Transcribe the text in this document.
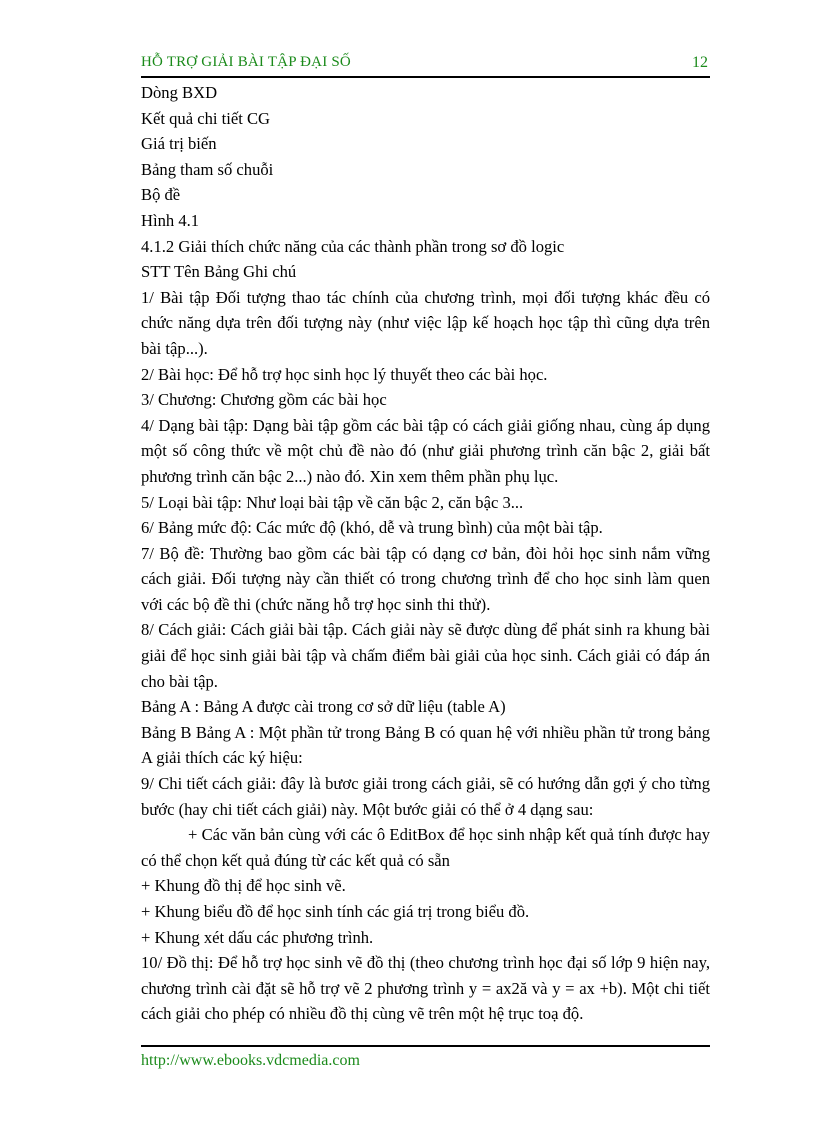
HỖ TRỢ GIẢI BÀI TẬP ĐẠI SỐ	12

Dòng BXD

Kết quả chi tiết CG

Giá trị biến

Bảng tham số chuỗi

Bộ đề

Hình 4.1

4.1.2 Giải thích chức năng của các thành phần trong sơ đồ logic

STT Tên Bảng Ghi chú

1/ Bài tập Đối tượng thao tác chính của chương trình, mọi đối tượng khác đều có chức năng dựa trên đối tượng này (như việc lập kế hoạch học tập thì cũng dựa trên bài tập...).

2/ Bài học: Để hỗ trợ học sinh học lý thuyết theo các bài học.

3/ Chương: Chương gồm các bài học

4/ Dạng bài tập: Dạng bài tập gồm các bài tập có cách giải giống nhau, cùng áp dụng một số công thức về một chủ đề nào đó (như giải phương trình căn bậc 2, giải bất phương trình căn bậc 2...) nào đó. Xin xem thêm phần phụ lục.

5/ Loại bài tập: Như loại bài tập về căn bậc 2, căn bậc 3...

6/ Bảng mức độ: Các mức độ (khó, dễ và trung bình) của một bài tập.

7/ Bộ đề: Thường bao gồm các bài tập có dạng cơ bản, đòi hỏi học sinh nắm vững cách giải. Đối tượng này cần thiết có trong chương trình để cho học sinh làm quen với các bộ đề thi (chức năng hỗ trợ học sinh thi thử).

8/ Cách giải: Cách giải bài tập. Cách giải này sẽ được dùng để phát sinh ra khung bài giải để học sinh giải bài tập và chấm điểm bài giải của học sinh. Cách giải có đáp án cho bài tập.

Bảng A : Bảng A được cài trong cơ sở dữ liệu (table A)

Bảng B Bảng A : Một phần tử trong Bảng B có quan hệ với nhiều phần tử trong bảng A giải thích các ký hiệu:

9/ Chi tiết cách giải: đây là bươc giải trong cách giải, sẽ có hướng dẫn gợi ý cho từng bước (hay chi tiết cách giải) này. Một bước giải có thể ở 4 dạng sau:

+ Các văn bản cùng với các ô EditBox để học sinh nhập kết quả tính được hay có thể chọn kết quả đúng từ các kết quả có sẵn

+ Khung đồ thị để học sinh vẽ.

+ Khung biểu đồ để học sinh tính các giá trị trong biểu đồ.

+ Khung xét dấu các phương trình.

10/ Đồ thị: Để hỗ trợ học sinh vẽ đồ thị (theo chương trình học đại số lớp 9 hiện nay, chương trình cài đặt sẽ hỗ trợ vẽ 2 phương trình y = ax2ă và y = ax +b). Một chi tiết cách giải cho phép có nhiều đồ thị cùng vẽ trên một hệ trục toạ độ.

http://www.ebooks.vdcmedia.com
